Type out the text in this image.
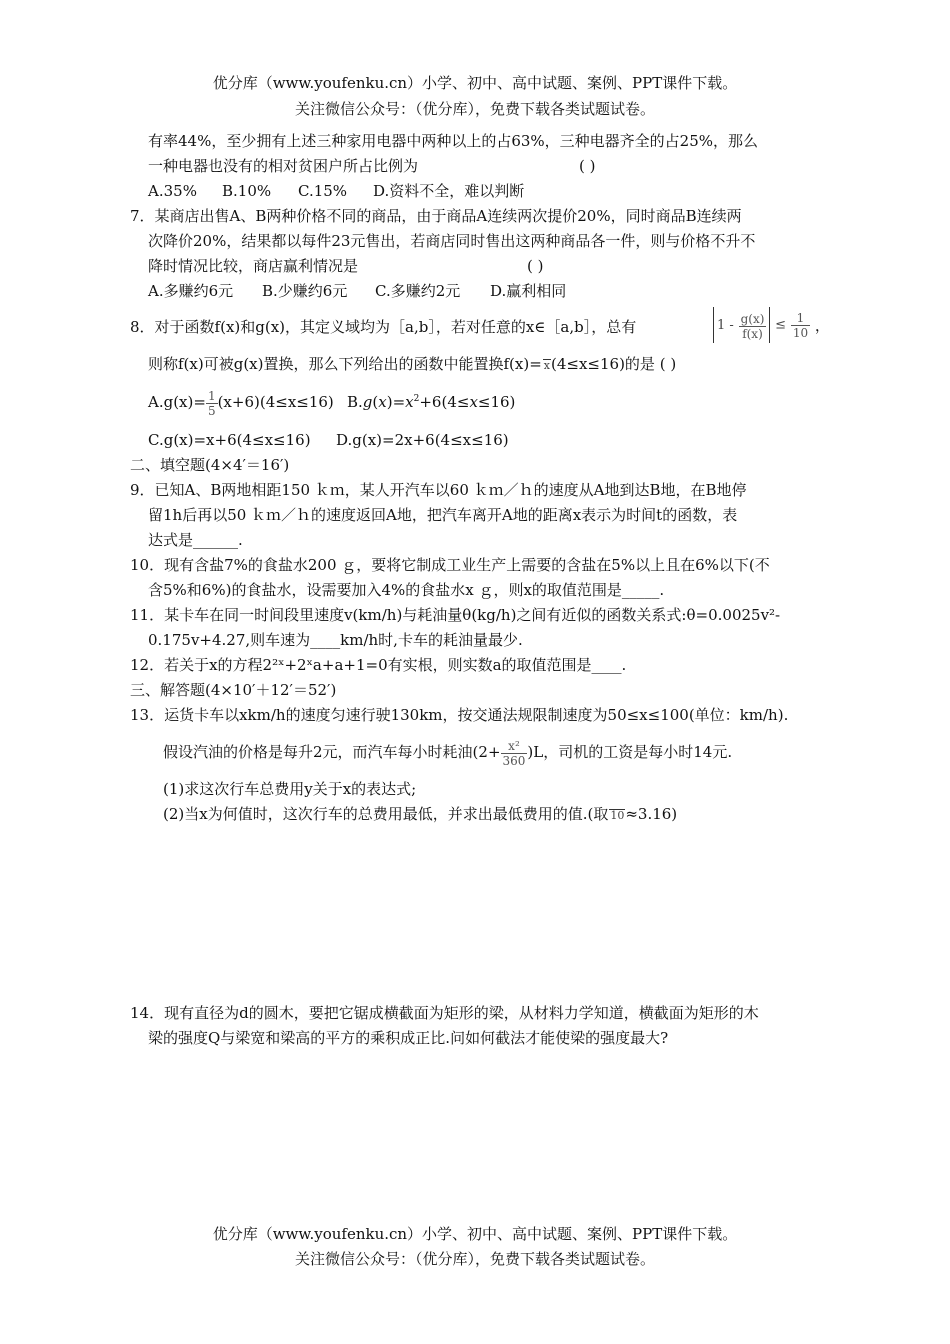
优分库（www.youfenku.cn）小学、初中、高中试题、案例、PPT课件下载。
关注微信公众号：（优分库），免费下载各类试题试卷。
有率44%，至少拥有上述三种家用电器中两种以上的占63%，三种电器齐全的占25%，那么
一种电器也没有的相对贫困户所占比例为	( )
A.35% B.10% C.15% D.资料不全，难以判断
7．某商店出售A、B两种价格不同的商品，由于商品A连续两次提价20%，同时商品B连续两
次降价20%，结果都以每件23元售出，若商店同时售出这两种商品各一件，则与价格不升不
降时情况比较，商店赢利情况是	( )
A.多赚约6元 B.少赚约6元 C.多赚约2元 D.赢利相同
8．对于函数f(x)和g(x)，其定义域均为［a,b］，若对任意的x∈［a,b］，总有	$1 - \frac{g(x)}{f(x)} \le \frac{1}{10}$ ，
则称f(x)可被g(x)置换，那么下列给出的函数中能置换f(x)= x(4≤x≤16)的是 ( )
$A.g(x)= \frac{1}{5} (x+6)(4\le x\le 16)$ $B.g(x)=x^2+6(4\le x\le 16)$
C.g(x)=x+6(4≤x≤16) D.g(x)=2x+6(4≤x≤16)
二、填空题(4×4′＝16′)
9．已知A、B两地相距150 ｋｍ，某人开汽车以60 ｋｍ／ｈ的速度从A地到达B地，在B地停
留1h后再以50 ｋｍ／ｈ的速度返回A地，把汽车离开A地的距离x表示为时间t的函数，表
达式是______.
10．现有含盐7%的食盐水200 ｇ，要将它制成工业生产上需要的含盐在5%以上且在6%以下(不
含5%和6%)的食盐水，设需要加入4%的食盐水x ｇ，则x的取值范围是_____.
11．某卡车在同一时间段里速度v(km/h)与耗油量θ(kg/h)之间有近似的函数关系式:θ=0.0025v²-
0.175v+4.27,则车速为____km/h时,卡车的耗油量最少.
12．若关于x的方程2²ˣ+2ˣa+a+1=0有实根，则实数a的取值范围是____.
三、解答题(4×10′＋12′＝52′)
13．运货卡车以xkm/h的速度匀速行驶130km，按交通法规限制速度为50≤x≤100(单位：km/h).
假设汽油的价格是每升2元，而汽车每小时耗油$(2+ \frac{\text{x²}}{360} )L$，司机的工资是每小时14元.
(1)求这次行车总费用y关于x的表达式;
(2)当x为何值时，这次行车的总费用最低，并求出最低费用的值.(取 10≈3.16)
14．现有直径为d的圆木，要把它锯成横截面为矩形的梁，从材料力学知道，横截面为矩形的木
梁的强度Q与梁宽和梁高的平方的乘积成正比.问如何截法才能使梁的强度最大?
优分库（www.youfenku.cn）小学、初中、高中试题、案例、PPT课件下载。
关注微信公众号：（优分库），免费下载各类试题试卷。
